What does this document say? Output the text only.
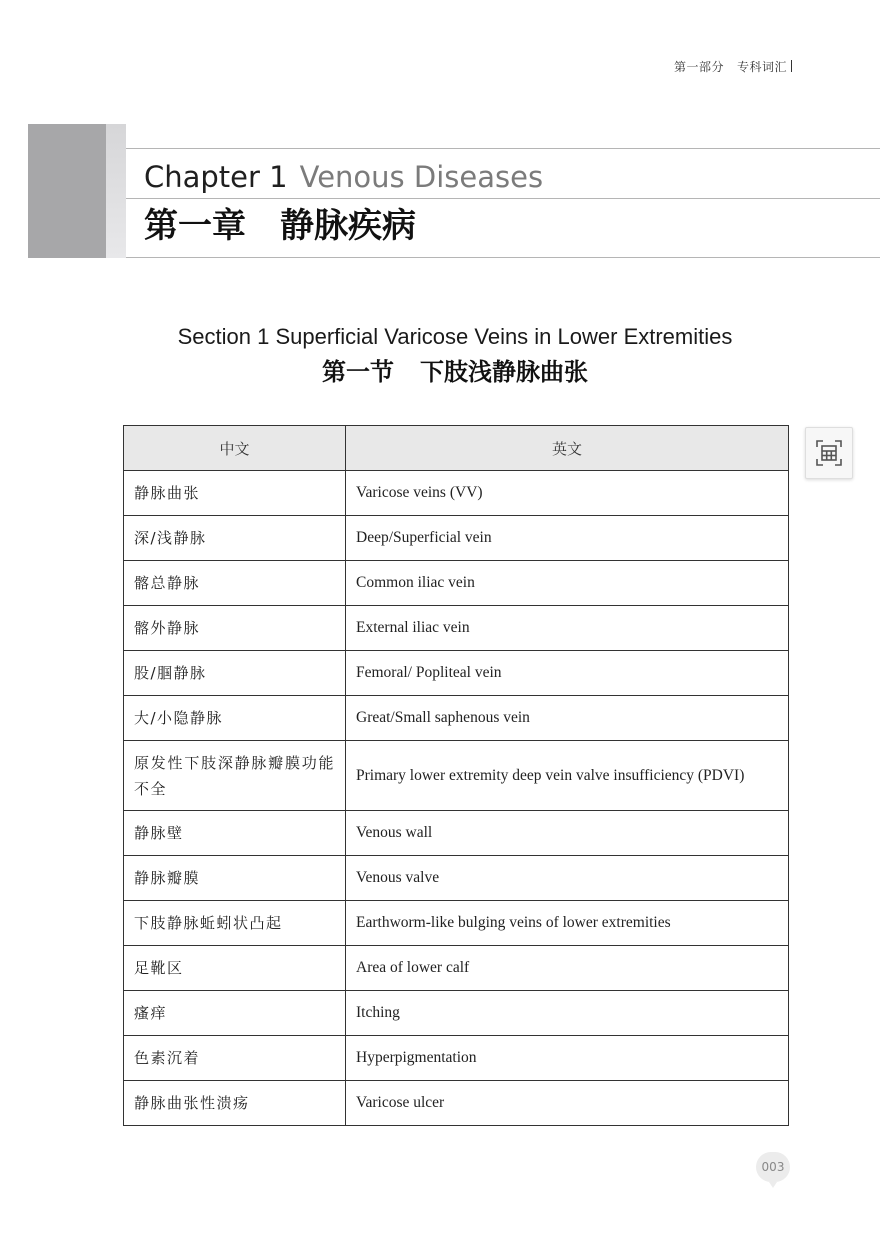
第一部分 专科词汇
Chapter 1 Venous Diseases
第一章 静脉疾病
Section 1 Superficial Varicose Veins in Lower Extremities
第一节 下肢浅静脉曲张
中文	英文
静脉曲张	Varicose veins (VV)
深/浅静脉	Deep/Superficial vein
髂总静脉	Common iliac vein
髂外静脉	External iliac vein
股/腘静脉	Femoral/ Popliteal vein
大/小隐静脉	Great/Small saphenous vein
原发性下肢深静脉瓣膜功能不全	Primary lower extremity deep vein valve insufficiency (PDVI)
静脉壁	Venous wall
静脉瓣膜	Venous valve
下肢静脉蚯蚓状凸起	Earthworm-like bulging veins of lower extremities
足靴区	Area of lower calf
瘙痒	Itching
色素沉着	Hyperpigmentation
静脉曲张性溃疡	Varicose ulcer
003
